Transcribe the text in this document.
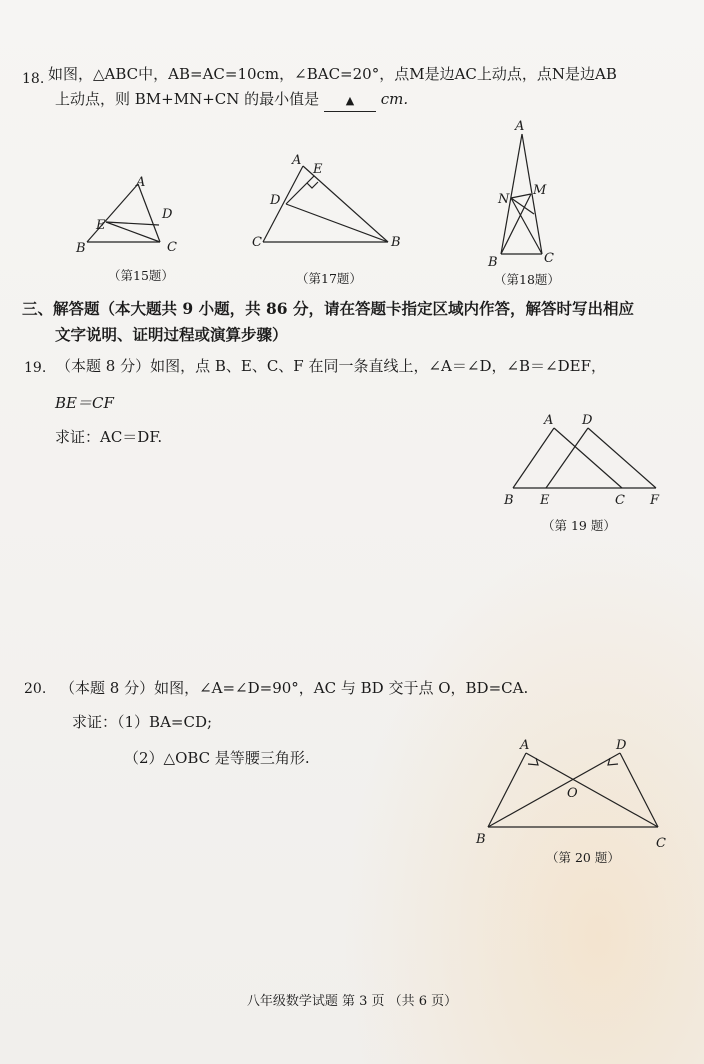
18. 如图，△ABC中，AB=AC=10cm，∠BAC=20°，点M是边AC上动点，点N是边AB
上动点，则 BM+MN+CN 的最小值是 ▲ cm.
A
D
E
B	C
（第15题）
A
E
D
C	B
（第17题）
A
N
M
B	C
（第18题）
三、解答题（本大题共 9 小题，共 86 分，请在答题卡指定区域内作答，解答时写出相应
文字说明、证明过程或演算步骤）
19. （本题 8 分）如图，点 B、E、C、F 在同一条直线上，∠A＝∠D，∠B＝∠DEF，
BE＝CF
求证：AC＝DF.
A D
B E	C F
（第 19 题）
20. （本题 8 分）如图，∠A=∠D=90°，AC 与 BD 交于点 O，BD=CA.
求证：（1）BA=CD;
（2）△OBC 是等腰三角形.
A	D
O
B	C
（第 20 题）
八年级数学试题 第 3 页 （共 6 页）
